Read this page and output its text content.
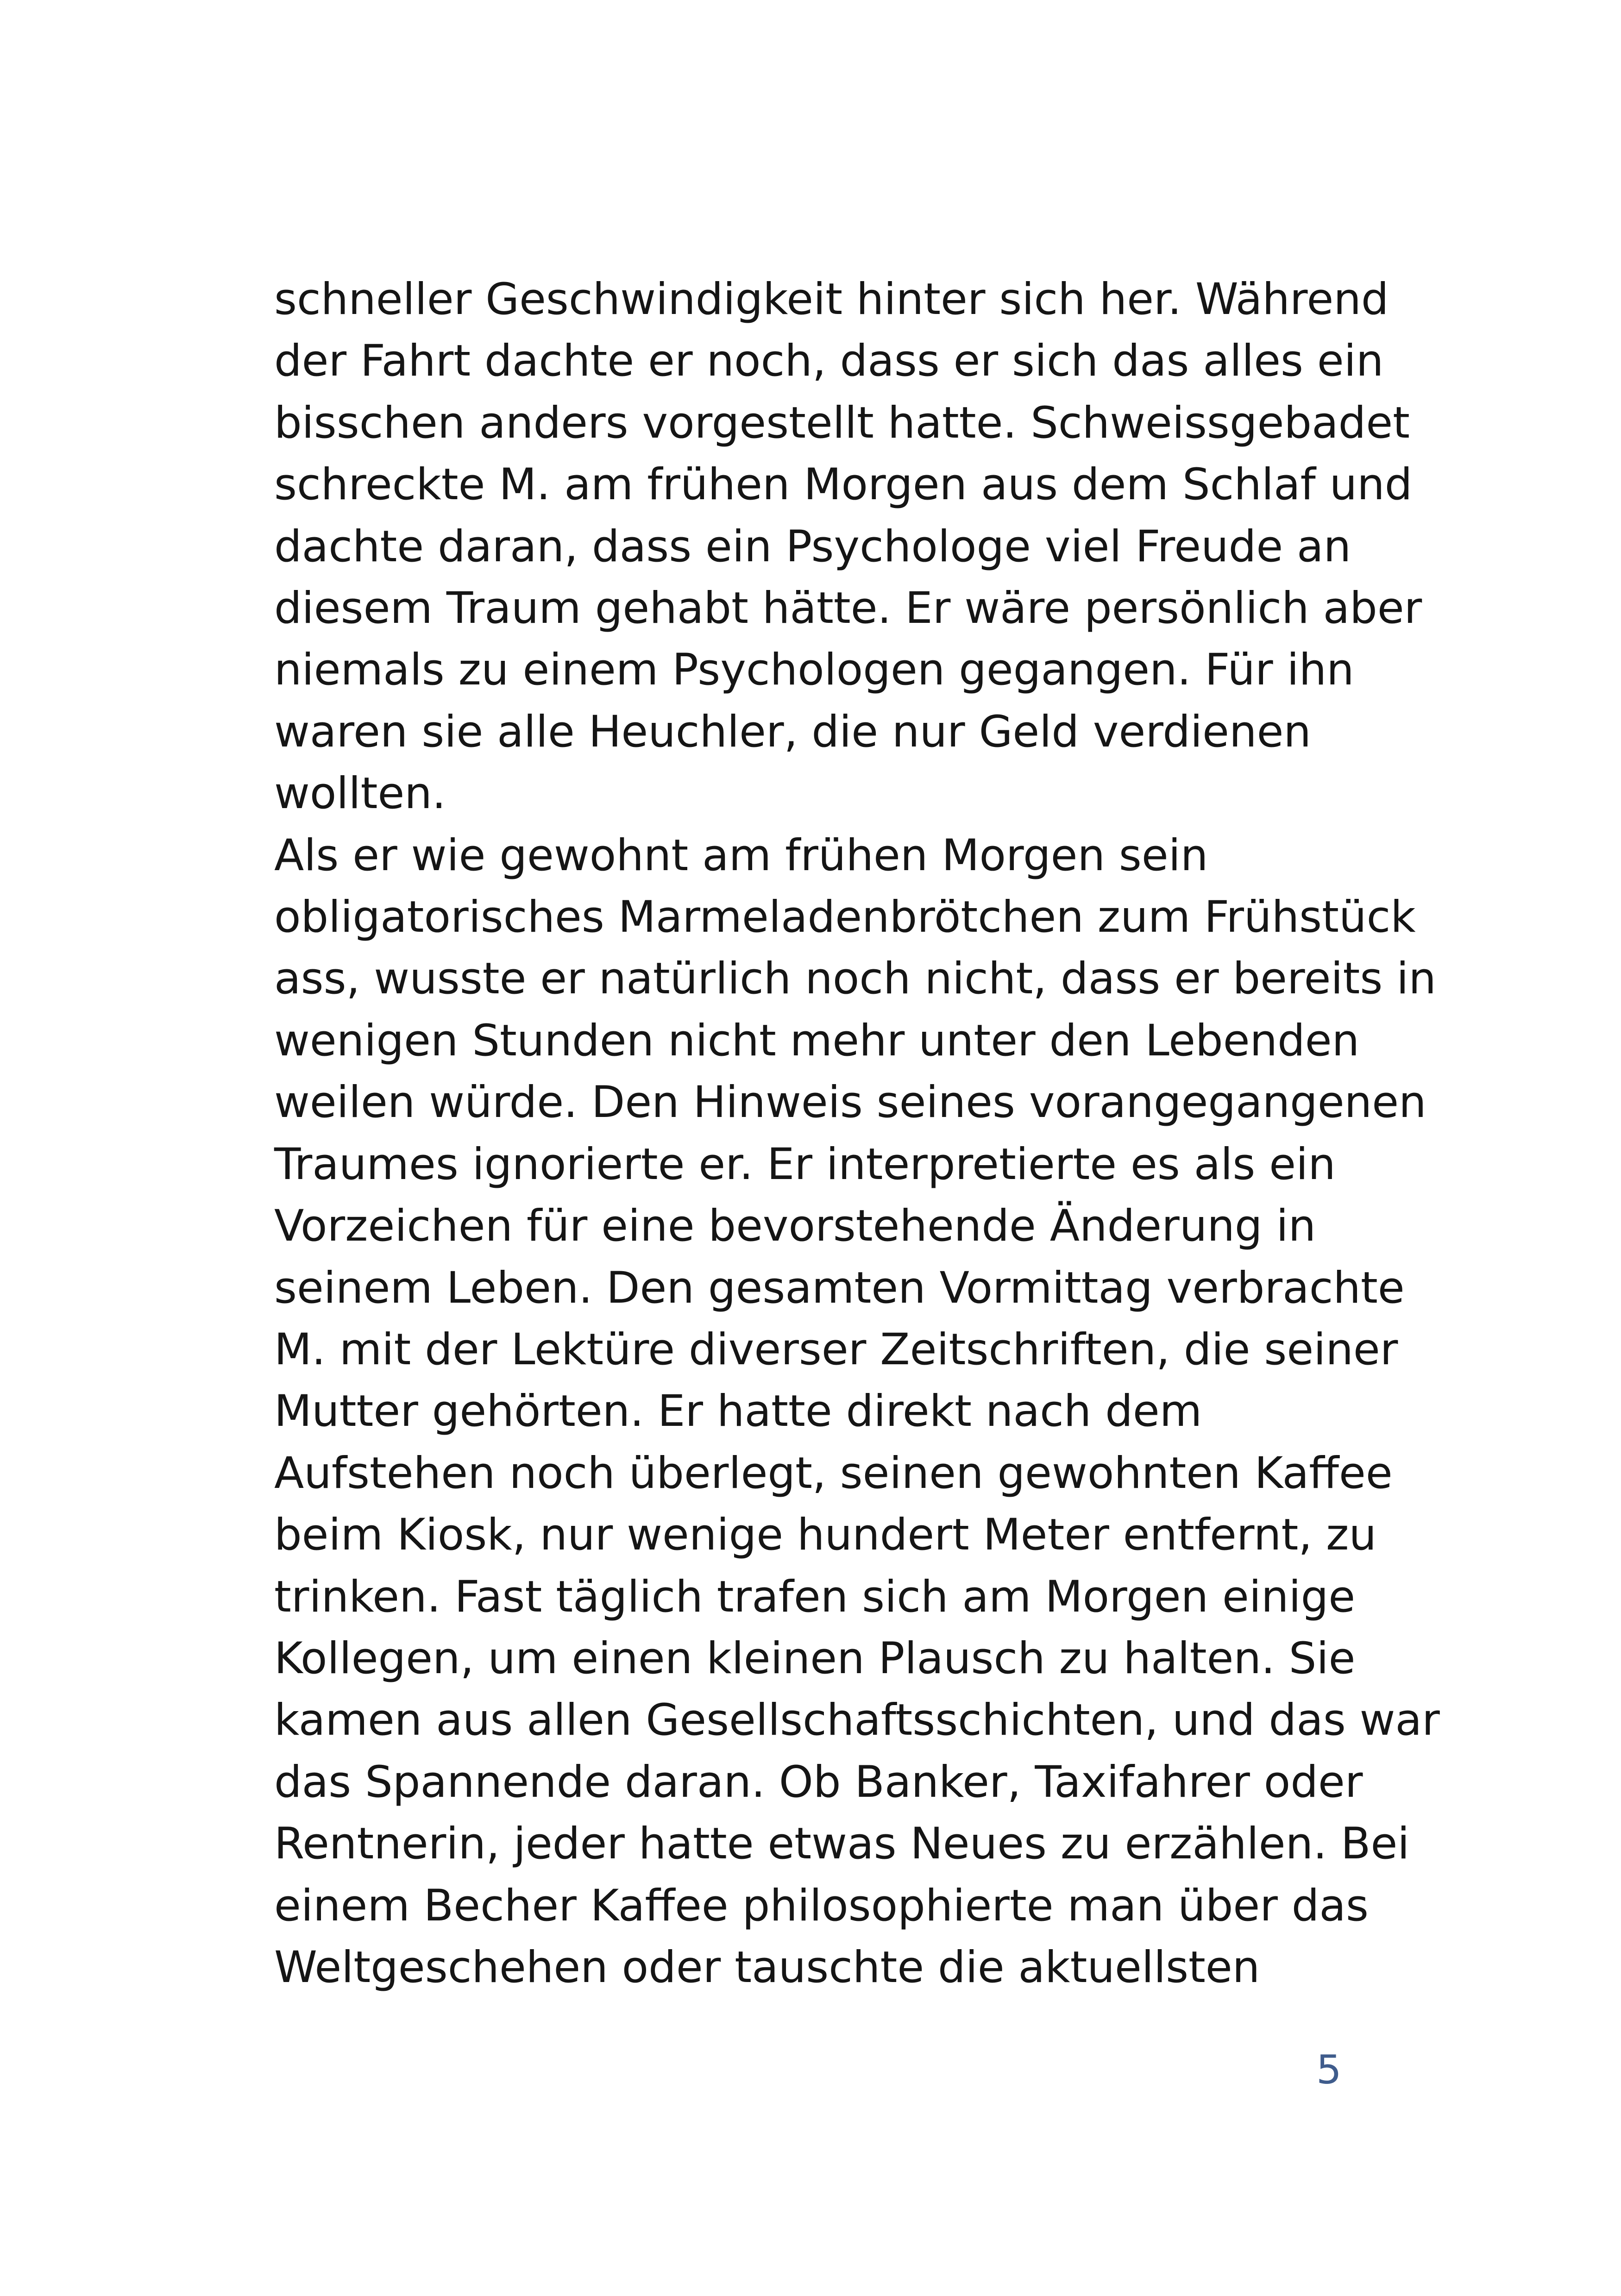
schneller Geschwindigkeit hinter sich her. Während
der Fahrt dachte er noch, dass er sich das alles ein
bisschen anders vorgestellt hatte. Schweissgebadet
schreckte M. am frühen Morgen aus dem Schlaf und
dachte daran, dass ein Psychologe viel Freude an
diesem Traum gehabt hätte. Er wäre persönlich aber
niemals zu einem Psychologen gegangen. Für ihn
waren sie alle Heuchler, die nur Geld verdienen
wollten.
Als er wie gewohnt am frühen Morgen sein
obligatorisches Marmeladenbrötchen zum Frühstück
ass, wusste er natürlich noch nicht, dass er bereits in
wenigen Stunden nicht mehr unter den Lebenden
weilen würde. Den Hinweis seines vorangegangenen
Traumes ignorierte er. Er interpretierte es als ein
Vorzeichen für eine bevorstehende Änderung in
seinem Leben. Den gesamten Vormittag verbrachte
M. mit der Lektüre diverser Zeitschriften, die seiner
Mutter gehörten. Er hatte direkt nach dem
Aufstehen noch überlegt, seinen gewohnten Kaffee
beim Kiosk, nur wenige hundert Meter entfernt, zu
trinken. Fast täglich trafen sich am Morgen einige
Kollegen, um einen kleinen Plausch zu halten. Sie
kamen aus allen Gesellschaftsschichten, und das war
das Spannende daran. Ob Banker, Taxifahrer oder
Rentnerin, jeder hatte etwas Neues zu erzählen. Bei
einem Becher Kaffee philosophierte man über das
Weltgeschehen oder tauschte die aktuellsten
5
